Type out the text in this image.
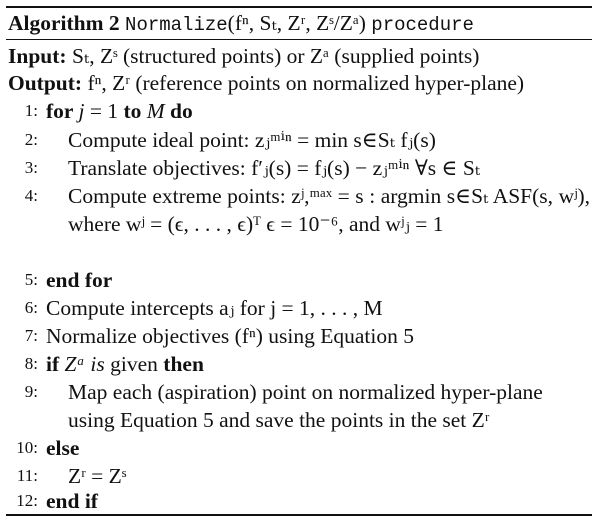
Algorithm 2 Normalize(fⁿ, Sₜ, Zʳ, Zˢ/Zᵃ) procedure
Input: Sₜ, Zˢ (structured points) or Zᵃ (supplied points)
Output: fⁿ, Zʳ (reference points on normalized hyper-plane)
1: for j = 1 to M do
2: Compute ideal point: zⱼᵐⁱⁿ = min s∈Sₜ fⱼ(s)
3: Translate objectives: f′ⱼ(s) = fⱼ(s) − zⱼᵐⁱⁿ ∀s ∈ Sₜ
4: Compute extreme points: zʲ,ᵐᵃˣ = s : argmin s∈Sₜ ASF(s, wʲ), where wʲ = (ϵ, . . . , ϵ)ᵀ ϵ = 10⁻⁶, and wʲⱼ = 1
5: end for
6: Compute intercepts aⱼ for j = 1, . . . , M
7: Normalize objectives (fⁿ) using Equation 5
8: if Zᵃ is given then
9: Map each (aspiration) point on normalized hyper-plane using Equation 5 and save the points in the set Zʳ
10: else
11: Zʳ = Zˢ
12: end if
